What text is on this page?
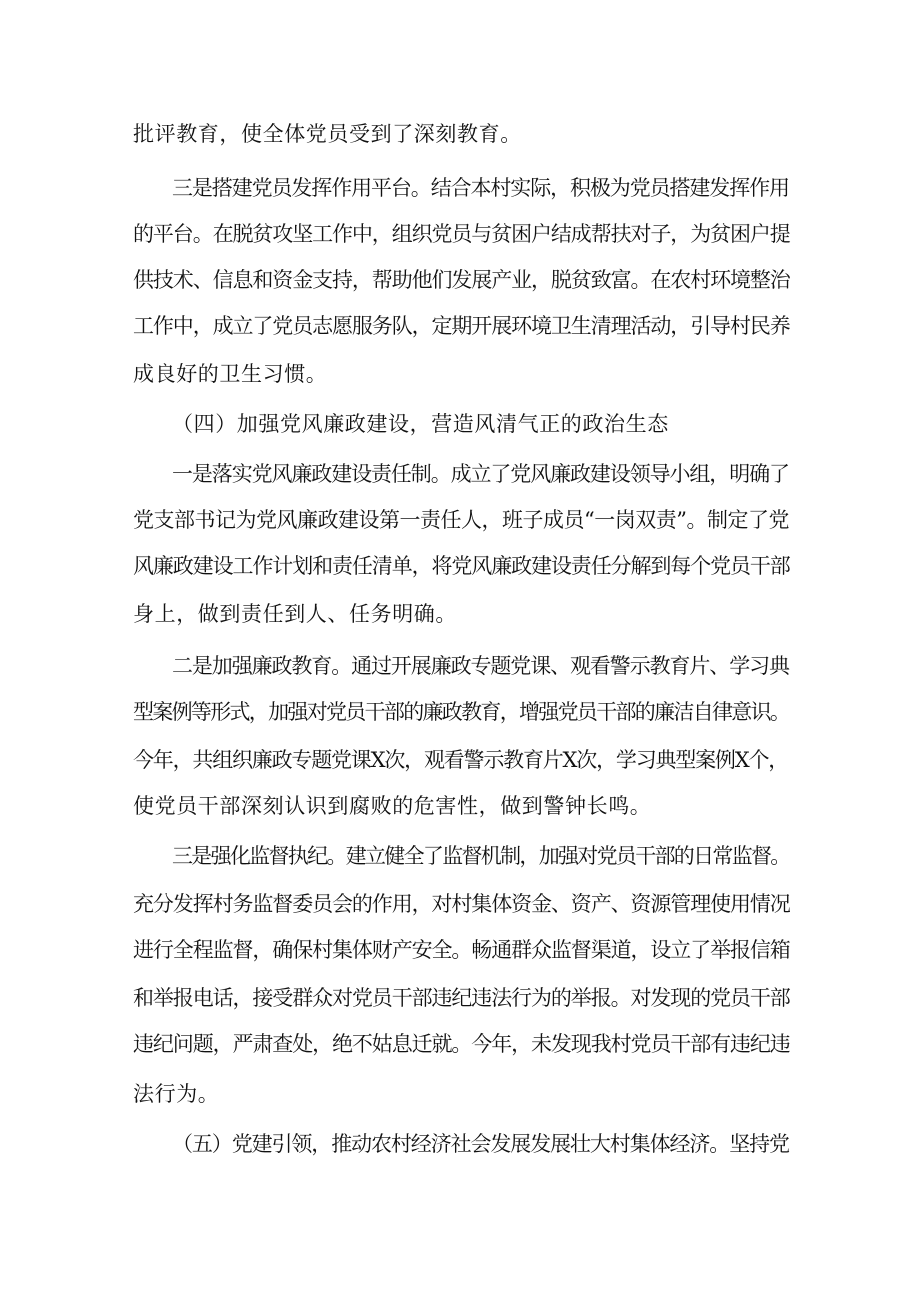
批评教育，使全体党员受到了深刻教育。
三是搭建党员发挥作用平台。结合本村实际，积极为党员搭建发挥作用
的平台。在脱贫攻坚工作中，组织党员与贫困户结成帮扶对子，为贫困户提
供技术、信息和资金支持，帮助他们发展产业，脱贫致富。在农村环境整治
工作中，成立了党员志愿服务队，定期开展环境卫生清理活动，引导村民养
成良好的卫生习惯。
（四）加强党风廉政建设，营造风清气正的政治生态
一是落实党风廉政建设责任制。成立了党风廉政建设领导小组，明确了
党支部书记为党风廉政建设第一责任人，班子成员“一岗双责”。制定了党
风廉政建设工作计划和责任清单，将党风廉政建设责任分解到每个党员干部
身上，做到责任到人、任务明确。
二是加强廉政教育。通过开展廉政专题党课、观看警示教育片、学习典
型案例等形式，加强对党员干部的廉政教育，增强党员干部的廉洁自律意识。
今年，共组织廉政专题党课X次，观看警示教育片X次，学习典型案例X个，
使党员干部深刻认识到腐败的危害性，做到警钟长鸣。
三是强化监督执纪。建立健全了监督机制，加强对党员干部的日常监督。
充分发挥村务监督委员会的作用，对村集体资金、资产、资源管理使用情况
进行全程监督，确保村集体财产安全。畅通群众监督渠道，设立了举报信箱
和举报电话，接受群众对党员干部违纪违法行为的举报。对发现的党员干部
违纪问题，严肃查处，绝不姑息迁就。今年，未发现我村党员干部有违纪违
法行为。
（五）党建引领，推动农村经济社会发展发展壮大村集体经济。坚持党
